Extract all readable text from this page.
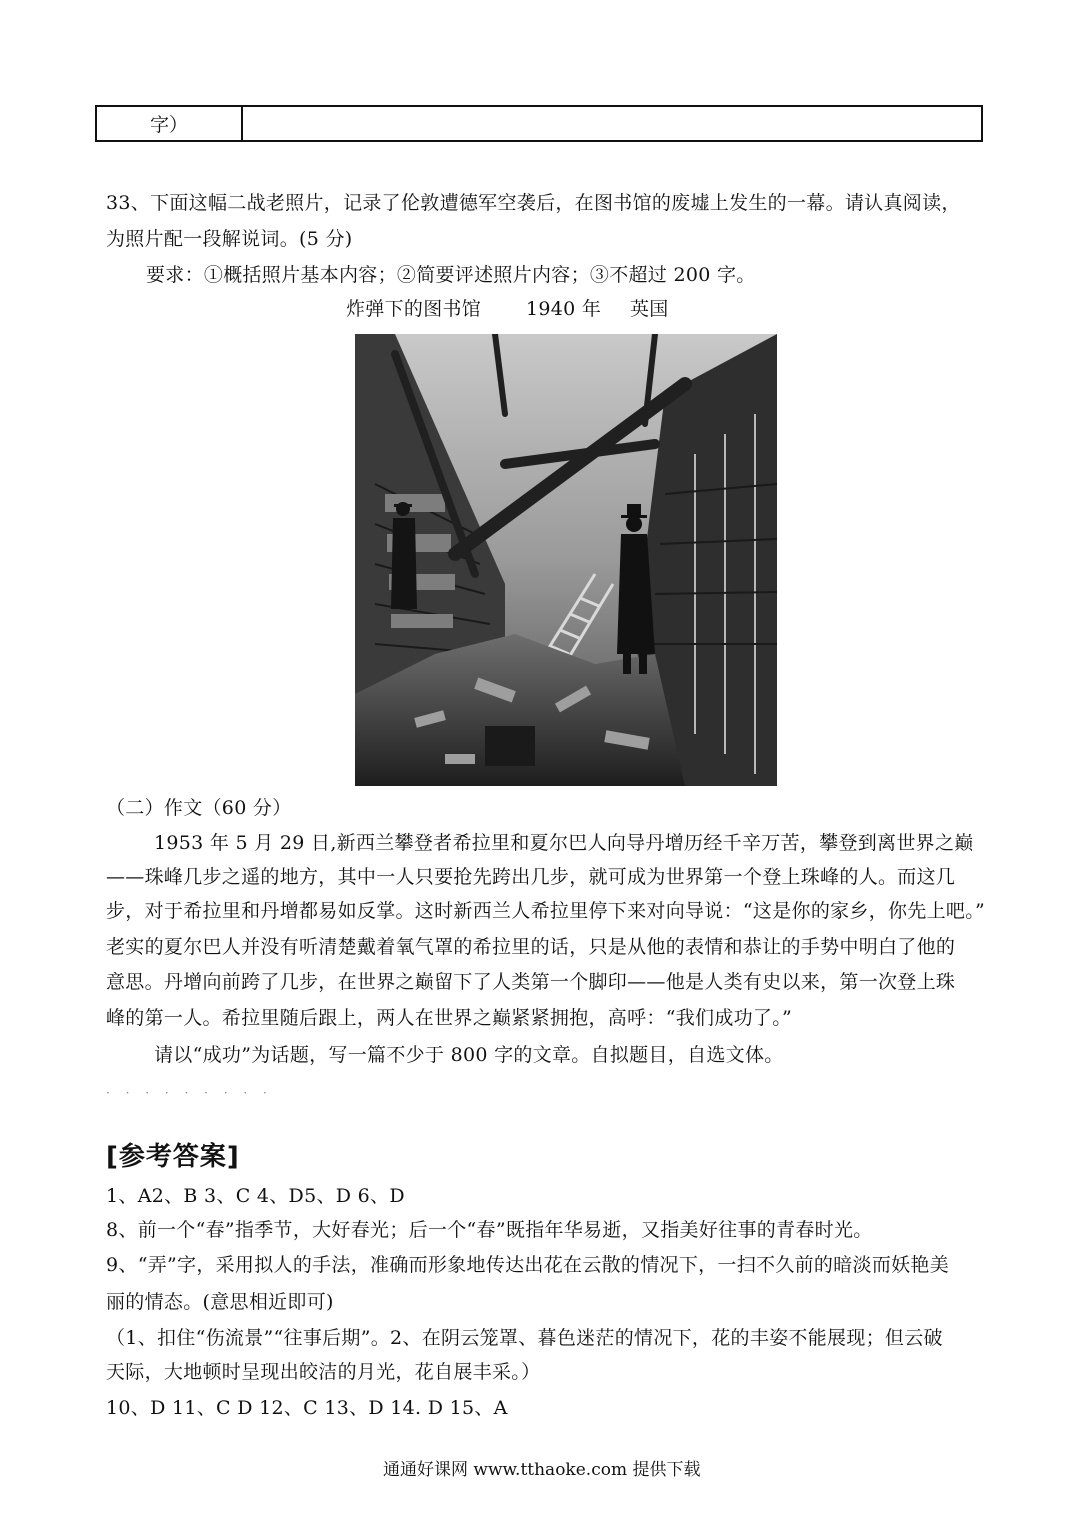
字）
33、下面这幅二战老照片，记录了伦敦遭德军空袭后，在图书馆的废墟上发生的一幕。请认真阅读，
为照片配一段解说词。(5 分)
要求：①概括照片基本内容；②简要评述照片内容；③不超过 200 字。
炸弹下的图书馆 1940 年 英国
（二）作文（60 分）
1953 年 5 月 29 日,新西兰攀登者希拉里和夏尔巴人向导丹增历经千辛万苦，攀登到离世界之巅
——珠峰几步之遥的地方，其中一人只要抢先跨出几步，就可成为世界第一个登上珠峰的人。而这几
步，对于希拉里和丹增都易如反掌。这时新西兰人希拉里停下来对向导说：“这是你的家乡，你先上吧。”
老实的夏尔巴人并没有听清楚戴着氧气罩的希拉里的话，只是从他的表情和恭让的手势中明白了他的
意思。丹增向前跨了几步，在世界之巅留下了人类第一个脚印——他是人类有史以来，第一次登上珠
峰的第一人。希拉里随后跟上，两人在世界之巅紧紧拥抱，高呼：“我们成功了。”
请以“成功”为话题，写一篇不少于 800 字的文章。自拟题目，自选文体。
· · · · · · · · ·
[参考答案]
1、A2、B 3、C 4、D5、D 6、D
8、前一个“春”指季节，大好春光；后一个“春”既指年华易逝，又指美好往事的青春时光。
9、“弄”字，采用拟人的手法，准确而形象地传达出花在云散的情况下，一扫不久前的暗淡而妖艳美
丽的情态。(意思相近即可)
（1、扣住“伤流景”“往事后期”。2、在阴云笼罩、暮色迷茫的情况下，花的丰姿不能展现；但云破
天际，大地顿时呈现出皎洁的月光，花自展丰采。）
10、D 11、C D 12、C 13、D 14. D 15、A
通通好课网 www.tthaoke.com 提供下载
